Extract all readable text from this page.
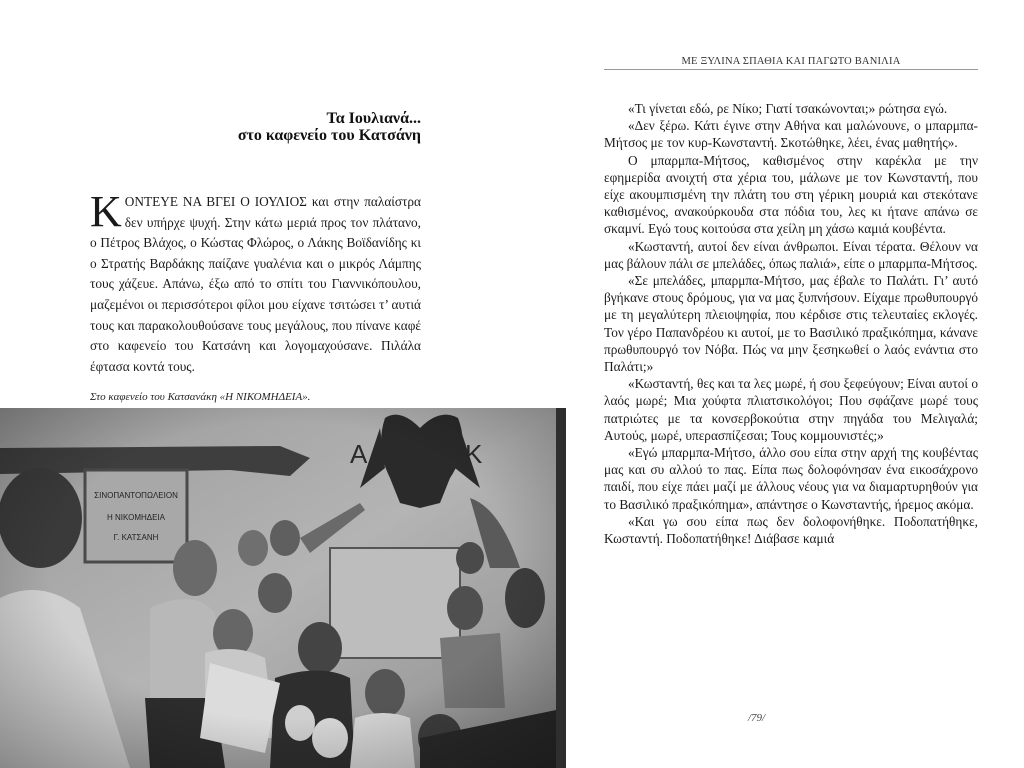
Τα Ιουλιανά...
στο καφενείο του Κατσάνη
ΚΟΝΤΕΥΕ ΝΑ ΒΓΕΙ Ο ΙΟΥΛΙΟΣ και στην παλαίστρα δεν υπήρχε ψυχή. Στην κάτω μεριά προς τον πλάτανο, ο Πέτρος Βλάχος, ο Κώστας Φλώρος, ο Λάκης Βοϊδανίδης κι ο Στρατής Βαρδάκης παίζανε γυαλένια και ο μικρός Λάμπης τους χάζευε. Απάνω, έξω από το σπίτι του Γιαννικόπουλου, μαζεμένοι οι περισσότεροι φίλοι μου είχανε τσιτώσει τ’ αυτιά τους και παρακολουθούσανε τους μεγάλους, που πίνανε καφέ στο καφενείο του Κατσάνη και λογομαχούσανε. Πιλάλα έφτασα κοντά τους.
Στο καφενείο του Κατσανάκη «Η ΝΙΚΟΜΗΔΕΙΑ».
ΜΕ ΞΥΛΙΝΑ ΣΠΑΘΙΑ ΚΑΙ ΠΑΓΩΤΟ ΒΑΝΙΛΙΑ

«Τι γίνεται εδώ, ρε Νίκο; Γιατί τσακώνονται;» ρώτησα εγώ.

«Δεν ξέρω. Κάτι έγινε στην Αθήνα και μαλώνουνε, ο μπαρμπα-Μήτσος με τον κυρ-Κωνσταντή. Σκοτώθηκε, λέει, ένας μαθητής».

Ο μπαρμπα-Μήτσος, καθισμένος στην καρέκλα με την εφημερίδα ανοιχτή στα χέρια του, μάλωνε με τον Κωνσταντή, που είχε ακουμπισμένη την πλάτη του στη γέρικη μουριά και στεκότανε καθισμένος, ανακούρκουδα στα πόδια του, λες κι ήτανε απάνω σε σκαμνί. Εγώ τους κοιτούσα στα χείλη μη χάσω καμιά κουβέντα.

«Κωσταντή, αυτοί δεν είναι άνθρωποι. Είναι τέρατα. Θέλουν να μας βάλουν πάλι σε μπελάδες, όπως παλιά», είπε ο μπαρμπα-Μήτσος.

«Σε μπελάδες, μπαρμπα-Μήτσο, μας έβαλε το Παλάτι. Γι’ αυτό βγήκανε στους δρόμους, για να μας ξυπνήσουν. Είχαμε πρωθυπουργό με τη μεγαλύτερη πλειοψηφία, που κέρδισε στις τελευταίες εκλογές. Τον γέρο Παπανδρέου κι αυτοί, με το Βασιλικό πραξικόπημα, κάνανε πρωθυπουργό τον Νόβα. Πώς να μην ξεσηκωθεί ο λαός ενάντια στο Παλάτι;»

«Κωσταντή, θες και τα λες μωρέ, ή σου ξεφεύγουν; Είναι αυτοί ο λαός μωρέ; Μια χούφτα πλιατσικολόγοι; Που σφάζανε μωρέ τους πατριώτες με τα κονσερβοκούτια στην πηγάδα του Μελιγαλά; Αυτούς, μωρέ, υπερασπίζεσαι; Τους κομμουνιστές;»

«Εγώ μπαρμπα-Μήτσο, άλλο σου είπα στην αρχή της κουβέντας μας και συ αλλού το πας. Είπα πως δολοφόνησαν ένα εικοσάχρονο παιδί, που είχε πάει μαζί με άλλους νέους για να διαμαρτυρηθούν για το Βασιλικό πραξικόπημα», απάντησε ο Κωνσταντής, ήρεμος ακόμα.

«Και γω σου είπα πως δεν δολοφονήθηκε. Ποδοπατήθηκε, Κωσταντή. Ποδοπατήθηκε! Διάβασε καμιά

/79/
